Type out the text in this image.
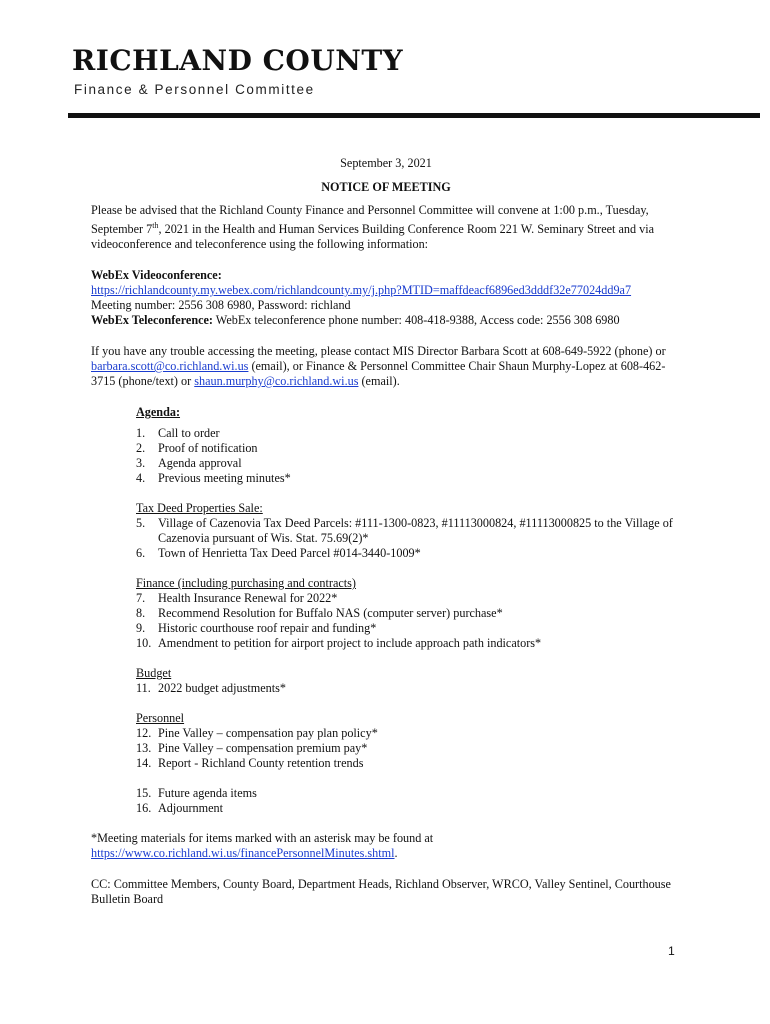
RICHLAND COUNTY
Finance & Personnel Committee

September 3, 2021

NOTICE OF MEETING

Please be advised that the Richland County Finance and Personnel Committee will convene at 1:00 p.m., Tuesday, September 7th, 2021 in the Health and Human Services Building Conference Room 221 W. Seminary Street and via videoconference and teleconference using the following information:

WebEx Videoconference:

https://richlandcounty.my.webex.com/richlandcounty.my/j.php?MTID=maffdeacf6896ed3dddf32e77024dd9a7

Meeting number: 2556 308 6980, Password: richland

WebEx Teleconference: WebEx teleconference phone number: 408-418-9388, Access code: 2556 308 6980

If you have any trouble accessing the meeting, please contact MIS Director Barbara Scott at 608-649-5922 (phone) or barbara.scott@co.richland.wi.us (email), or Finance & Personnel Committee Chair Shaun Murphy-Lopez at 608-462-3715 (phone/text) or shaun.murphy@co.richland.wi.us (email).

Agenda:
1. Call to order
2. Proof of notification
3. Agenda approval
4. Previous meeting minutes*
Tax Deed Properties Sale:
5. Village of Cazenovia Tax Deed Parcels: #111-1300-0823, #11113000824, #11113000825 to the Village of Cazenovia pursuant of Wis. Stat. 75.69(2)*
6. Town of Henrietta Tax Deed Parcel #014-3440-1009*
Finance (including purchasing and contracts)
7. Health Insurance Renewal for 2022*
8. Recommend Resolution for Buffalo NAS (computer server) purchase*
9. Historic courthouse roof repair and funding*
10. Amendment to petition for airport project to include approach path indicators*
Budget
11. 2022 budget adjustments*
Personnel
12. Pine Valley – compensation pay plan policy*
13. Pine Valley – compensation premium pay*
14. Report - Richland County retention trends
15. Future agenda items
16. Adjournment

*Meeting materials for items marked with an asterisk may be found at

https://www.co.richland.wi.us/financePersonnelMinutes.shtml.

CC: Committee Members, County Board, Department Heads, Richland Observer, WRCO, Valley Sentinel, Courthouse Bulletin Board

1
